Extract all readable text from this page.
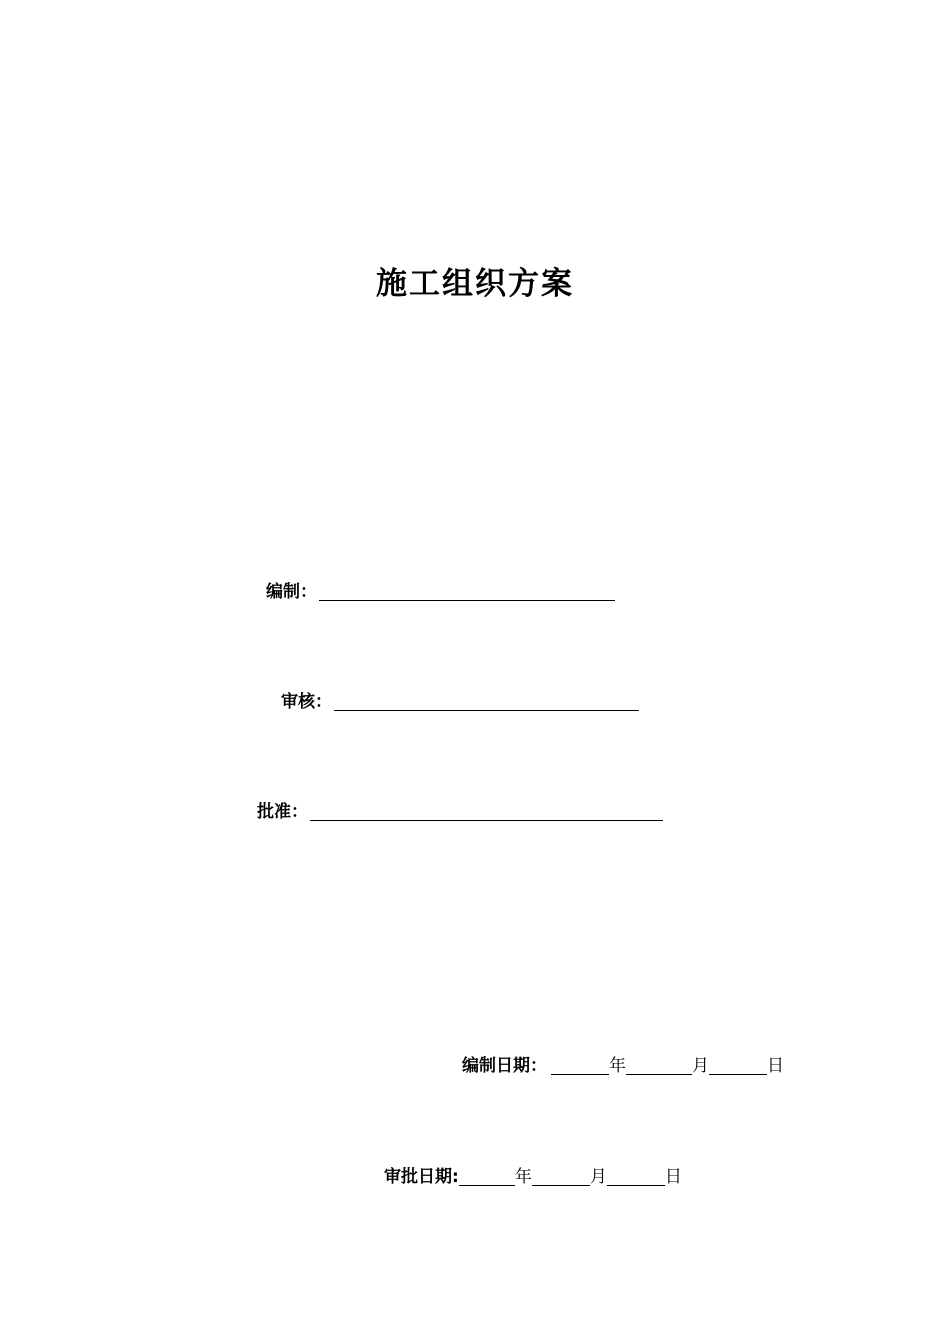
施工组织方案
编制：
审核：
批准：
编制日期：	年	月	日
审批日期:	年	月	日
